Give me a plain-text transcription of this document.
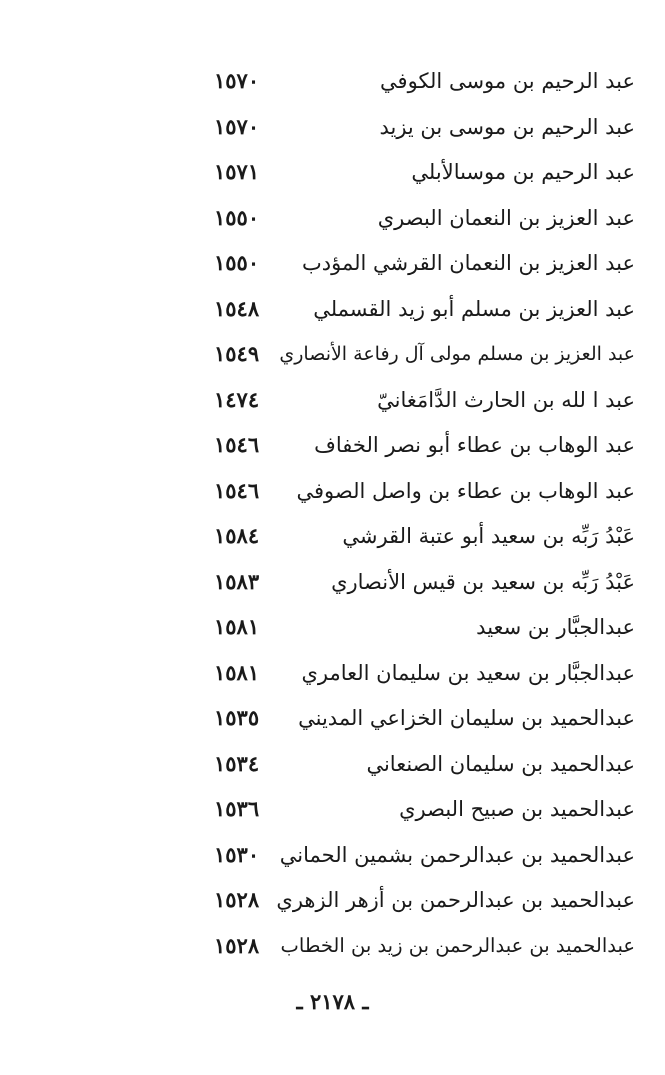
عبد الرحيم بن موسى الكوفي
١٥٧٠
عبد الرحيم بن موسى بن يزيد
١٥٧٠
عبد الرحيم بن موسىالأبلي
١٥٧١
عبد العزيز بن النعمان البصري
١٥٥٠
عبد العزيز بن النعمان القرشي المؤدب
١٥٥٠
عبد العزيز بن مسلم أبو زيد القسملي
١٥٤٨
عبد العزيز بن مسلم مولى آل رفاعة الأنصاري
١٥٤٩
عبد ا لله بن الحارث الدَّامَغانيّ
١٤٧٤
عبد الوهاب بن عطاء أبو نصر الخفاف
١٥٤٦
عبد الوهاب بن عطاء بن واصل الصوفي
١٥٤٦
عَبْدُ رَبِّه بن سعيد أبو عتبة القرشي
١٥٨٤
عَبْدُ رَبِّه بن سعيد بن قيس الأنصاري
١٥٨٣
عبدالجبَّار بن سعيد
١٥٨١
عبدالجبَّار بن سعيد بن سليمان العامري
١٥٨١
عبدالحميد بن سليمان الخزاعي المديني
١٥٣٥
عبدالحميد بن سليمان الصنعاني
١٥٣٤
عبدالحميد بن صبيح البصري
١٥٣٦
عبدالحميد بن عبدالرحمن بشمين الحماني
١٥٣٠
عبدالحميد بن عبدالرحمن بن أزهر الزهري
١٥٢٨
عبدالحميد بن عبدالرحمن بن زيد بن الخطاب
١٥٢٨
ـ ٢١٧٨ ـ
